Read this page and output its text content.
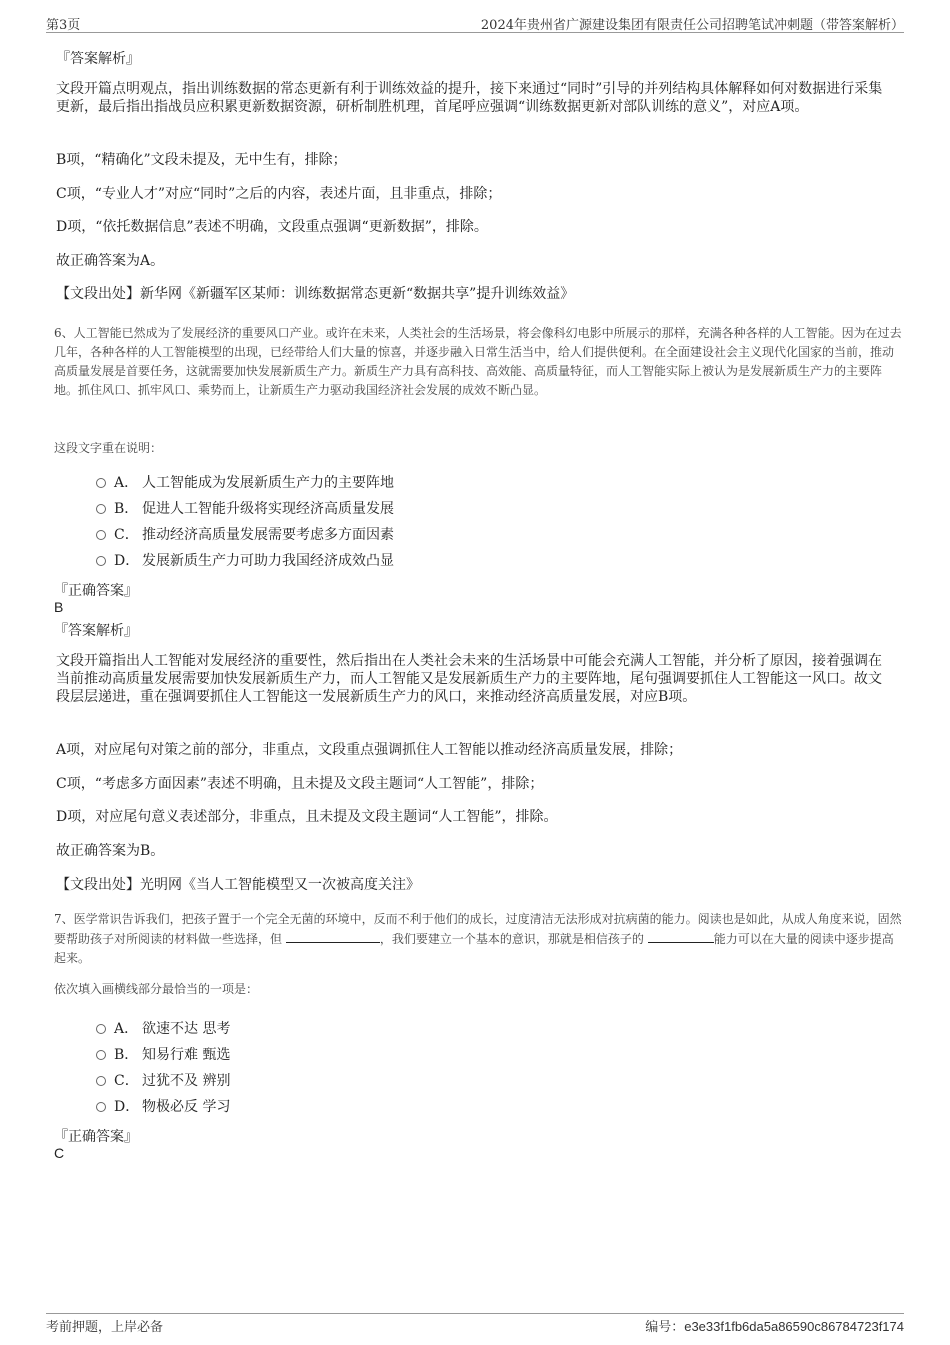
第3页	2024年贵州省广源建设集团有限责任公司招聘笔试冲刺题（带答案解析）
『答案解析』
文段开篇点明观点，指出训练数据的常态更新有利于训练效益的提升，接下来通过“同时”引导的并列结构具体解释如何对数据进行采集更新，最后指出指战员应积累更新数据资源，研析制胜机理，首尾呼应强调“训练数据更新对部队训练的意义”，对应A项。
B项，“精确化”文段未提及，无中生有，排除；
C项，“专业人才”对应“同时”之后的内容，表述片面，且非重点，排除；
D项，“依托数据信息”表述不明确，文段重点强调“更新数据”，排除。
故正确答案为A。
【文段出处】新华网《新疆军区某师：训练数据常态更新“数据共享”提升训练效益》
6、人工智能已然成为了发展经济的重要风口产业。或许在未来，人类社会的生活场景，将会像科幻电影中所展示的那样，充满各种各样的人工智能。因为在过去几年，各种各样的人工智能模型的出现，已经带给人们大量的惊喜，并逐步融入日常生活当中，给人们提供便利。在全面建设社会主义现代化国家的当前，推动高质量发展是首要任务，这就需要加快发展新质生产力。新质生产力具有高科技、高效能、高质量特征，而人工智能实际上被认为是发展新质生产力的主要阵地。抓住风口、抓牢风口、乘势而上，让新质生产力驱动我国经济社会发展的成效不断凸显。
这段文字重在说明：
A． 人工智能成为发展新质生产力的主要阵地
B． 促进人工智能升级将实现经济高质量发展
C． 推动经济高质量发展需要考虑多方面因素
D． 发展新质生产力可助力我国经济成效凸显
『正确答案』
B
『答案解析』
文段开篇指出人工智能对发展经济的重要性，然后指出在人类社会未来的生活场景中可能会充满人工智能，并分析了原因，接着强调在当前推动高质量发展需要加快发展新质生产力，而人工智能又是发展新质生产力的主要阵地，尾句强调要抓住人工智能这一风口。故文段层层递进，重在强调要抓住人工智能这一发展新质生产力的风口，来推动经济高质量发展，对应B项。
A项，对应尾句对策之前的部分，非重点，文段重点强调抓住人工智能以推动经济高质量发展，排除；
C项，“考虑多方面因素”表述不明确，且未提及文段主题词“人工智能”，排除；
D项，对应尾句意义表述部分，非重点，且未提及文段主题词“人工智能”，排除。
故正确答案为B。
【文段出处】光明网《当人工智能模型又一次被高度关注》
7、医学常识告诉我们，把孩子置于一个完全无菌的环境中，反而不利于他们的成长，过度清洁无法形成对抗病菌的能力。阅读也是如此，从成人角度来说，固然要帮助孩子对所阅读的材料做一些选择，但	，我们要建立一个基本的意识，那就是相信孩子的	能力可以在大量的阅读中逐步提高起来。
依次填入画横线部分最恰当的一项是：
A． 欲速不达 思考
B． 知易行难 甄选
C． 过犹不及 辨别
D． 物极必反 学习
『正确答案』
C
考前押题，上岸必备	编号：e3e33f1fb6da5a86590c86784723f174
